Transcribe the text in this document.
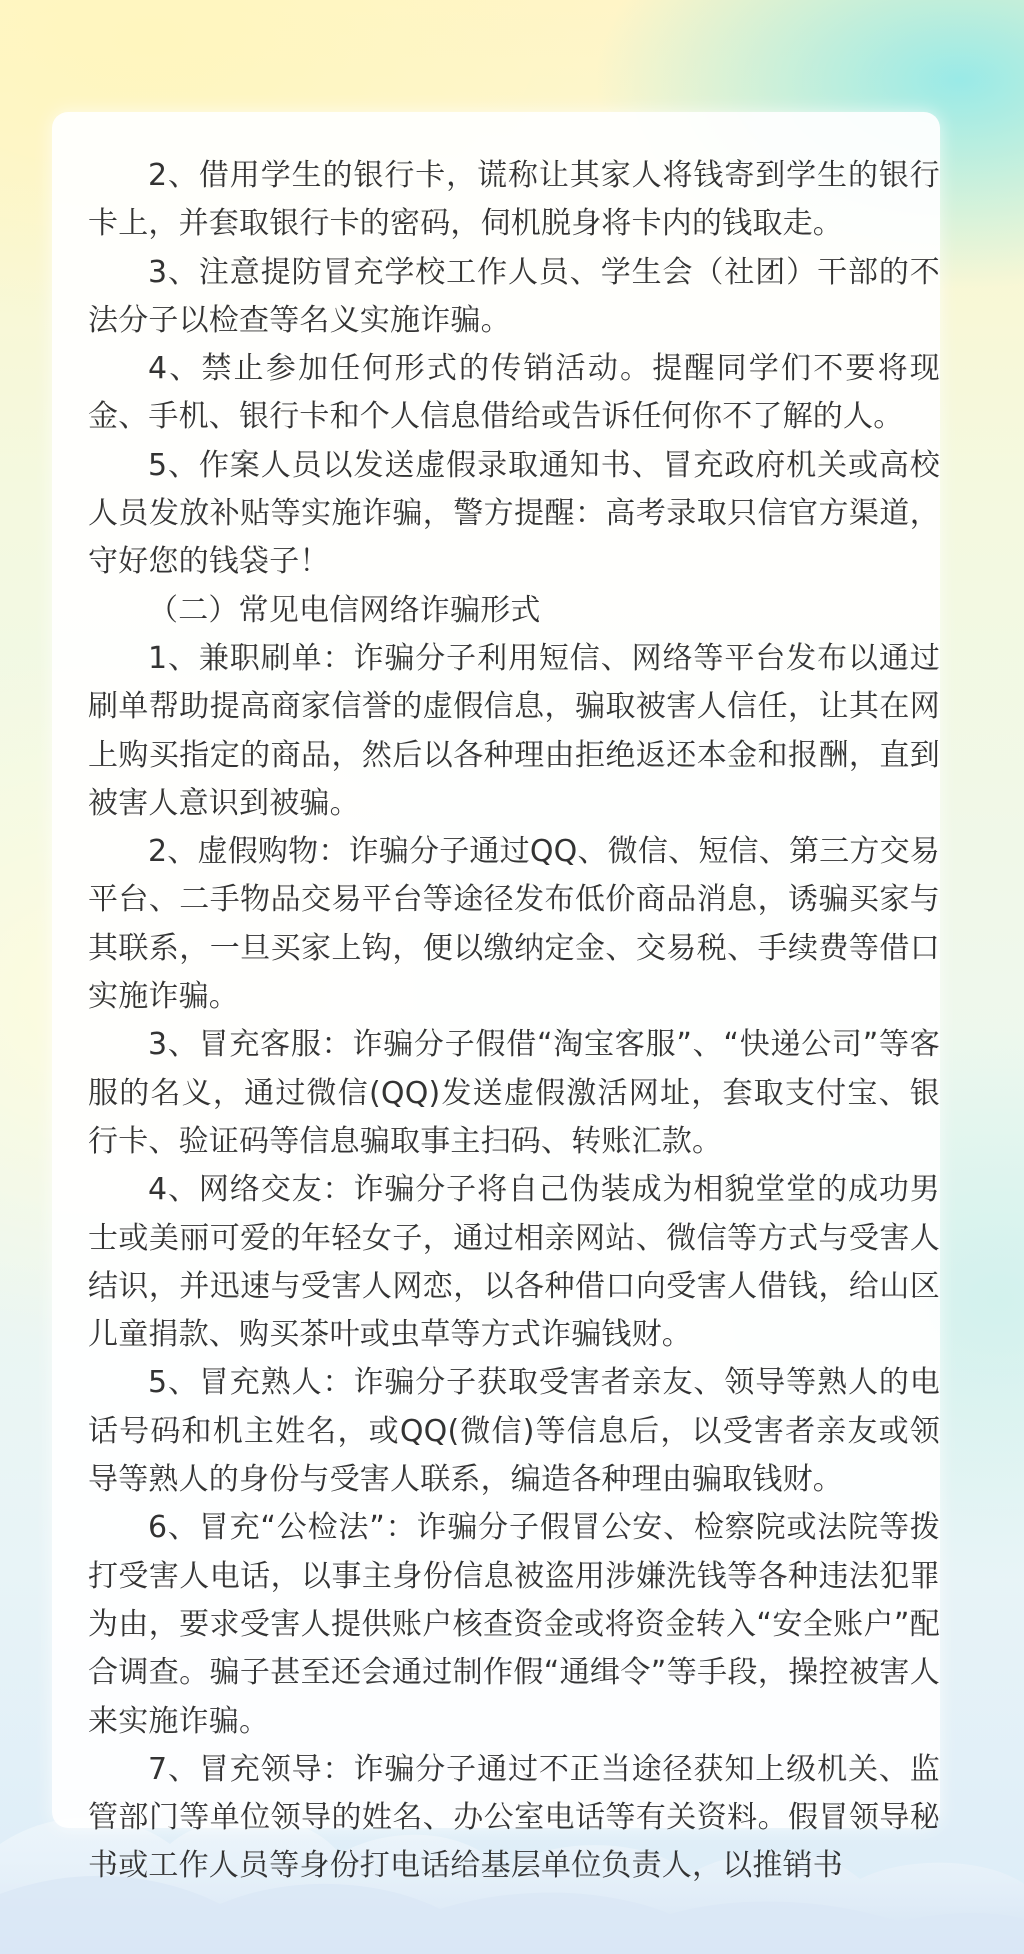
2、借用学生的银行卡，谎称让其家人将钱寄到学生的银行卡上，并套取银行卡的密码，伺机脱身将卡内的钱取走。

3、注意提防冒充学校工作人员、学生会（社团）干部的不法分子以检查等名义实施诈骗。

4、禁止参加任何形式的传销活动。提醒同学们不要将现金、手机、银行卡和个人信息借给或告诉任何你不了解的人。

5、作案人员以发送虚假录取通知书、冒充政府机关或高校人员发放补贴等实施诈骗，警方提醒：高考录取只信官方渠道，守好您的钱袋子！

（二）常见电信网络诈骗形式

1、兼职刷单：诈骗分子利用短信、网络等平台发布以通过刷单帮助提高商家信誉的虚假信息，骗取被害人信任，让其在网上购买指定的商品，然后以各种理由拒绝返还本金和报酬，直到被害人意识到被骗。

2、虚假购物：诈骗分子通过QQ、微信、短信、第三方交易平台、二手物品交易平台等途径发布低价商品消息，诱骗买家与其联系，一旦买家上钩，便以缴纳定金、交易税、手续费等借口实施诈骗。

3、冒充客服：诈骗分子假借“淘宝客服”、“快递公司”等客服的名义，通过微信(QQ)发送虚假激活网址，套取支付宝、银行卡、验证码等信息骗取事主扫码、转账汇款。

4、网络交友：诈骗分子将自己伪装成为相貌堂堂的成功男士或美丽可爱的年轻女子，通过相亲网站、微信等方式与受害人结识，并迅速与受害人网恋，以各种借口向受害人借钱，给山区儿童捐款、购买茶叶或虫草等方式诈骗钱财。

5、冒充熟人：诈骗分子获取受害者亲友、领导等熟人的电话号码和机主姓名，或QQ(微信)等信息后，以受害者亲友或领导等熟人的身份与受害人联系，编造各种理由骗取钱财。

6、冒充“公检法”：诈骗分子假冒公安、检察院或法院等拨打受害人电话，以事主身份信息被盗用涉嫌洗钱等各种违法犯罪为由，要求受害人提供账户核查资金或将资金转入“安全账户”配合调查。骗子甚至还会通过制作假“通缉令”等手段，操控被害人来实施诈骗。

7、冒充领导：诈骗分子通过不正当途径获知上级机关、监管部门等单位领导的姓名、办公室电话等有关资料。假冒领导秘书或工作人员等身份打电话给基层单位负责人，以推销书
